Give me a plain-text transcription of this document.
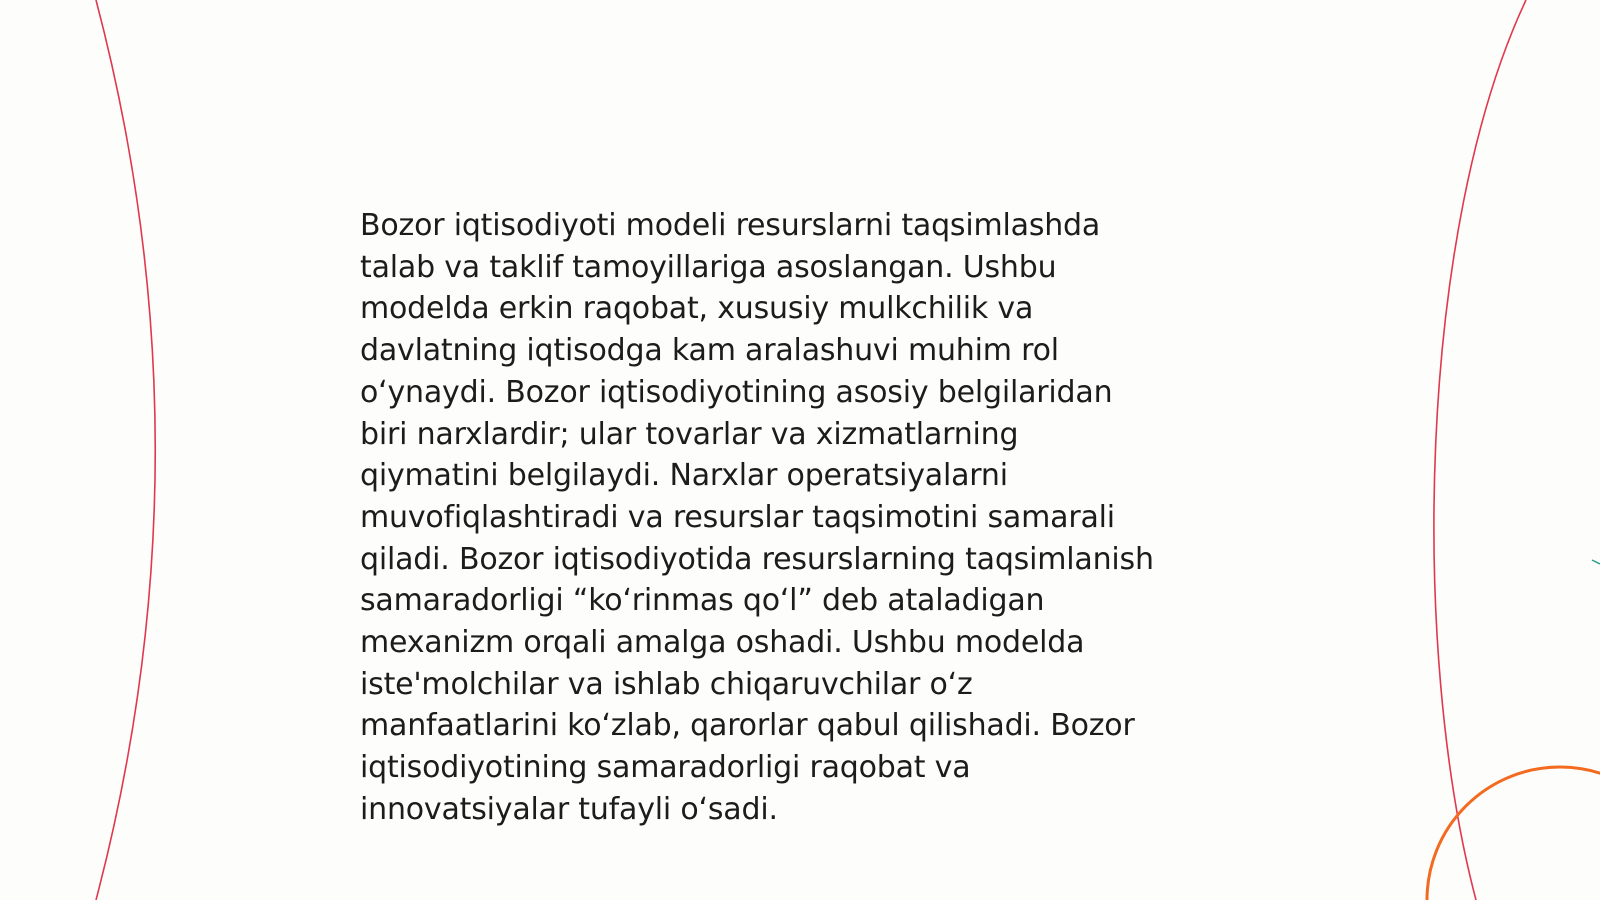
Bozor iqtisodiyoti modeli resurslarni taqsimlashda
talab va taklif tamoyillariga asoslangan. Ushbu
modelda erkin raqobat, xususiy mulkchilik va
davlatning iqtisodga kam aralashuvi muhim rol
o‘ynaydi. Bozor iqtisodiyotining asosiy belgilaridan
biri narxlardir; ular tovarlar va xizmatlarning
qiymatini belgilaydi. Narxlar operatsiyalarni
muvofiqlashtiradi va resurslar taqsimotini samarali
qiladi. Bozor iqtisodiyotida resurslarning taqsimlanish
samaradorligi “ko‘rinmas qo‘l” deb ataladigan
mexanizm orqali amalga oshadi. Ushbu modelda
iste'molchilar va ishlab chiqaruvchilar o‘z
manfaatlarini ko‘zlab, qarorlar qabul qilishadi. Bozor
iqtisodiyotining samaradorligi raqobat va
innovatsiyalar tufayli o‘sadi.
